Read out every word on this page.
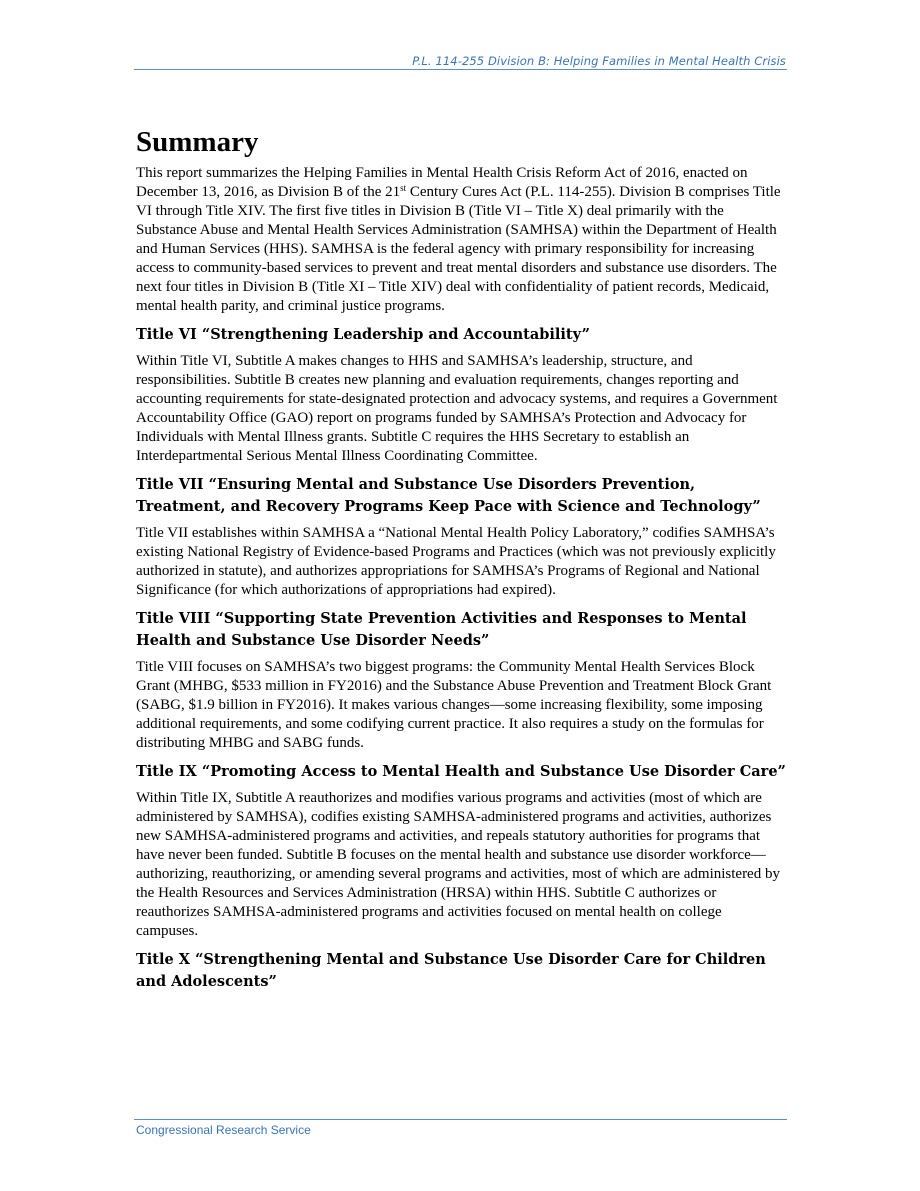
P.L. 114-255 Division B: Helping Families in Mental Health Crisis
Summary

This report summarizes the Helping Families in Mental Health Crisis Reform Act of 2016, enacted on December 13, 2016, as Division B of the 21st Century Cures Act (P.L. 114-255). Division B comprises Title VI through Title XIV. The first five titles in Division B (Title VI – Title X) deal primarily with the Substance Abuse and Mental Health Services Administration (SAMHSA) within the Department of Health and Human Services (HHS). SAMHSA is the federal agency with primary responsibility for increasing access to community-based services to prevent and treat mental disorders and substance use disorders. The next four titles in Division B (Title XI – Title XIV) deal with confidentiality of patient records, Medicaid, mental health parity, and criminal justice programs.

Title VI “Strengthening Leadership and Accountability”

Within Title VI, Subtitle A makes changes to HHS and SAMHSA’s leadership, structure, and responsibilities. Subtitle B creates new planning and evaluation requirements, changes reporting and accounting requirements for state-designated protection and advocacy systems, and requires a Government Accountability Office (GAO) report on programs funded by SAMHSA’s Protection and Advocacy for Individuals with Mental Illness grants. Subtitle C requires the HHS Secretary to establish an Interdepartmental Serious Mental Illness Coordinating Committee.

Title VII “Ensuring Mental and Substance Use Disorders Prevention, Treatment, and Recovery Programs Keep Pace with Science and Technology”

Title VII establishes within SAMHSA a “National Mental Health Policy Laboratory,” codifies SAMHSA’s existing National Registry of Evidence-based Programs and Practices (which was not previously explicitly authorized in statute), and authorizes appropriations for SAMHSA’s Programs of Regional and National Significance (for which authorizations of appropriations had expired).

Title VIII “Supporting State Prevention Activities and Responses to Mental Health and Substance Use Disorder Needs”

Title VIII focuses on SAMHSA’s two biggest programs: the Community Mental Health Services Block Grant (MHBG, $533 million in FY2016) and the Substance Abuse Prevention and Treatment Block Grant (SABG, $1.9 billion in FY2016). It makes various changes—some increasing flexibility, some imposing additional requirements, and some codifying current practice. It also requires a study on the formulas for distributing MHBG and SABG funds.

Title IX “Promoting Access to Mental Health and Substance Use Disorder Care”

Within Title IX, Subtitle A reauthorizes and modifies various programs and activities (most of which are administered by SAMHSA), codifies existing SAMHSA-administered programs and activities, authorizes new SAMHSA-administered programs and activities, and repeals statutory authorities for programs that have never been funded. Subtitle B focuses on the mental health and substance use disorder workforce—authorizing, reauthorizing, or amending several programs and activities, most of which are administered by the Health Resources and Services Administration (HRSA) within HHS. Subtitle C authorizes or reauthorizes SAMHSA-administered programs and activities focused on mental health on college campuses.

Title X “Strengthening Mental and Substance Use Disorder Care for Children and Adolescents”
Congressional Research Service
